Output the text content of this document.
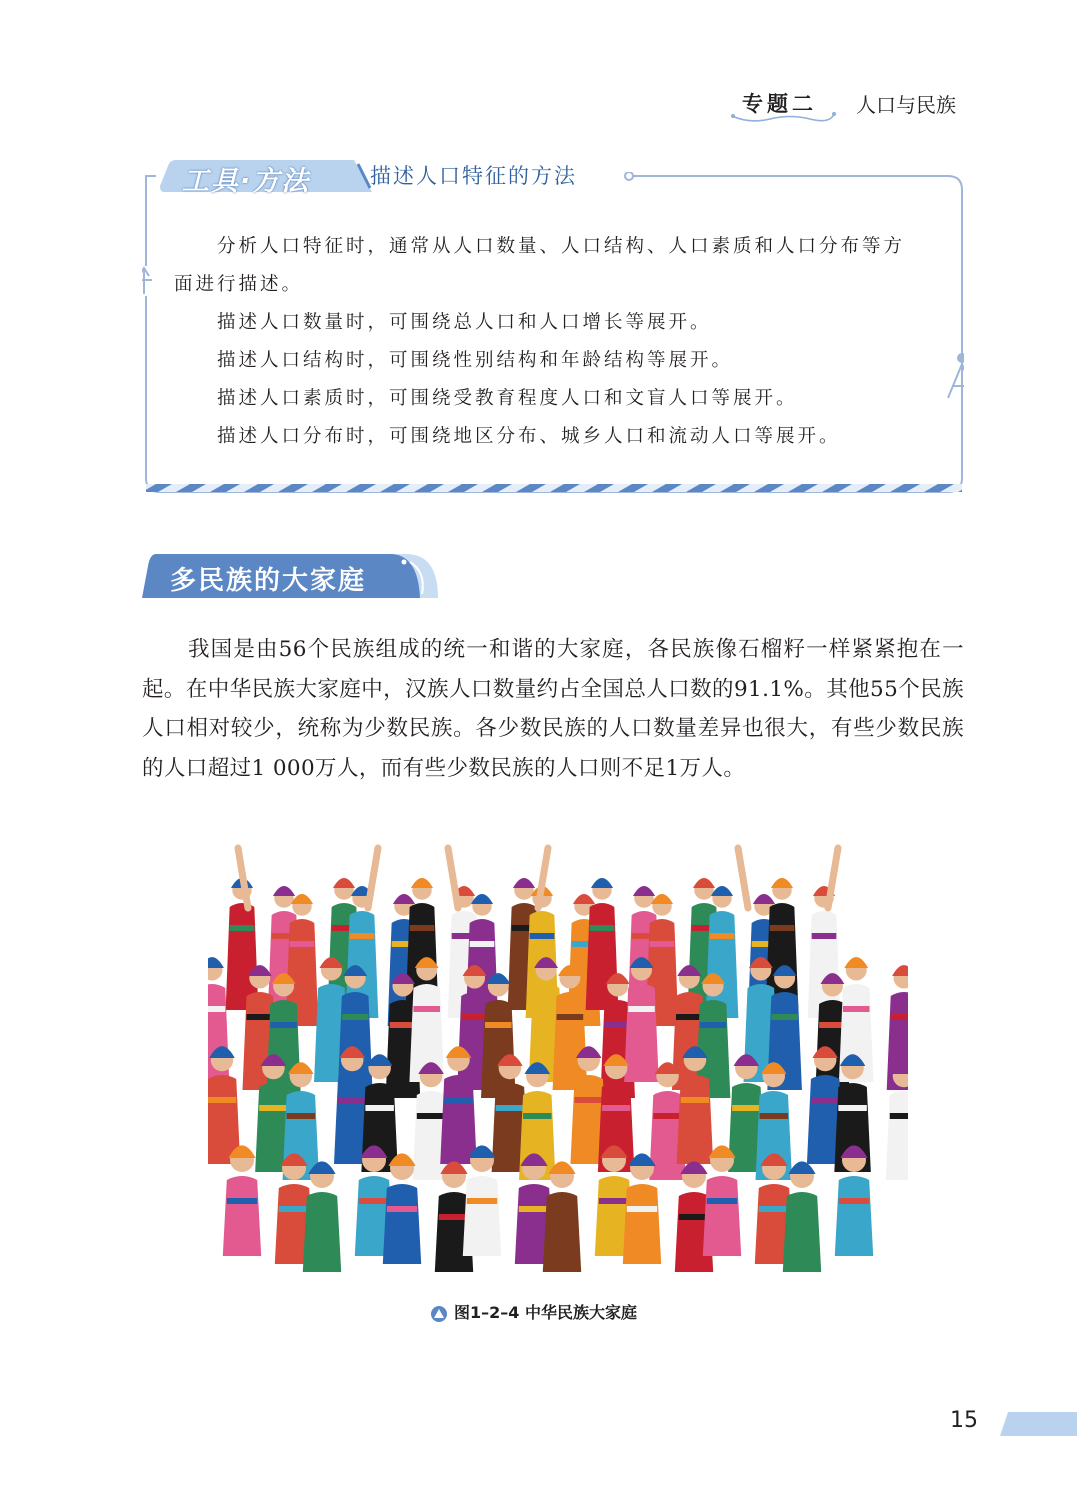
专题二 人口与民族
工具·方法	描述人口特征的方法

分析人口特征时，通常从人口数量、人口结构、人口素质和人口分布等方

面进行描述。

描述人口数量时，可围绕总人口和人口增长等展开。

描述人口结构时，可围绕性别结构和年龄结构等展开。

描述人口素质时，可围绕受教育程度人口和文盲人口等展开。

描述人口分布时，可围绕地区分布、城乡人口和流动人口等展开。

多民族的大家庭

我国是由56个民族组成的统一和谐的大家庭，各民族像石榴籽一样紧紧抱在一起。在中华民族大家庭中，汉族人口数量约占全国总人口数的91.1%。其他55个民族人口相对较少，统称为少数民族。各少数民族的人口数量差异也很大，有些少数民族的人口超过1 000万人，而有些少数民族的人口则不足1万人。

图1–2–4 中华民族大家庭
15
